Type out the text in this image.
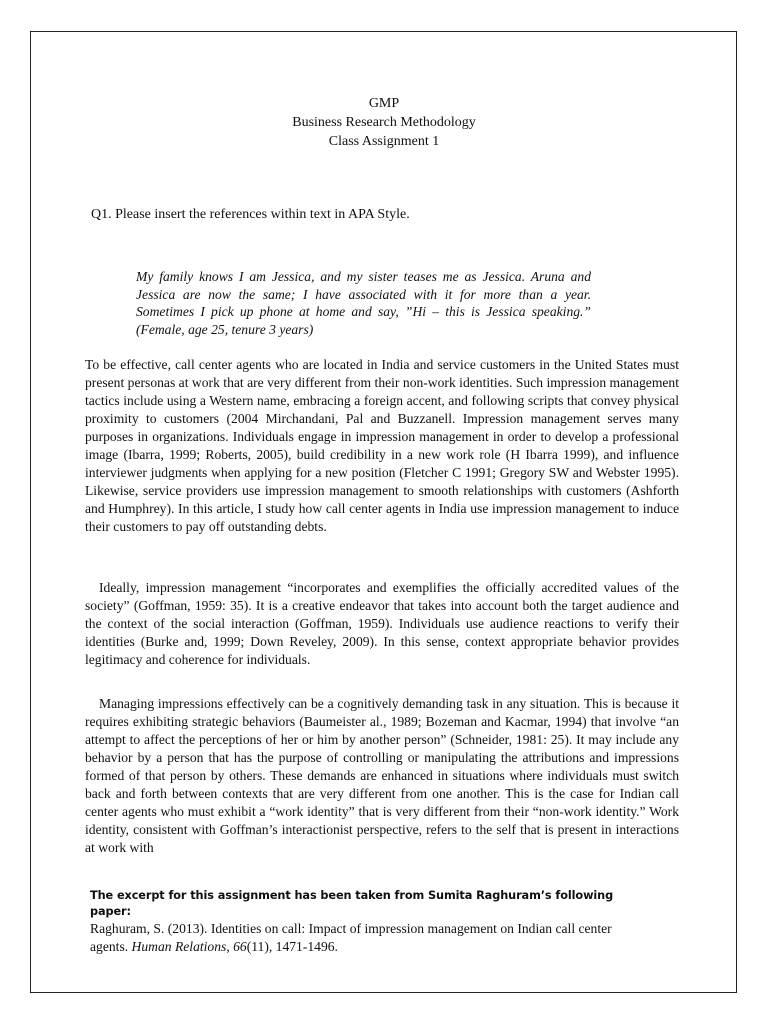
GMP
Business Research Methodology
Class Assignment 1
Q1. Please insert the references within text in APA Style.
My family knows I am Jessica, and my sister teases me as Jessica. Aruna and Jessica are now the same; I have associated with it for more than a year. Sometimes I pick up phone at home and say, ”Hi – this is Jessica speaking.” (Female, age 25, tenure 3 years)

To be effective, call center agents who are located in India and service customers in the United States must present personas at work that are very different from their non-work identities. Such impression management tactics include using a Western name, embracing a foreign accent, and following scripts that convey physical proximity to customers (2004 Mirchandani, Pal and Buzzanell. Impression management serves many purposes in organizations. Individuals engage in impression management in order to develop a professional image (Ibarra, 1999; Roberts, 2005), build credibility in a new work role (H Ibarra 1999), and influence interviewer judgments when applying for a new position (Fletcher C 1991; Gregory SW and Webster 1995). Likewise, service providers use impression management to smooth relationships with customers (Ashforth and Humphrey). In this article, I study how call center agents in India use impression management to induce their customers to pay off outstanding debts.

Ideally, impression management “incorporates and exemplifies the officially accredited values of the society” (Goffman, 1959: 35). It is a creative endeavor that takes into account both the target audience and the context of the social interaction (Goffman, 1959). Individuals use audience reactions to verify their identities (Burke and, 1999; Down Reveley, 2009). In this sense, context appropriate behavior provides legitimacy and coherence for individuals.

Managing impressions effectively can be a cognitively demanding task in any situation. This is because it requires exhibiting strategic behaviors (Baumeister al., 1989; Bozeman and Kacmar, 1994) that involve “an attempt to affect the perceptions of her or him by another person” (Schneider, 1981: 25). It may include any behavior by a person that has the purpose of controlling or manipulating the attributions and impressions formed of that person by others. These demands are enhanced in situations where individuals must switch back and forth between contexts that are very different from one another. This is the case for Indian call center agents who must exhibit a “work identity” that is very different from their “non-work identity.” Work identity, consistent with Goffman’s interactionist perspective, refers to the self that is present in interactions at work with

The excerpt for this assignment has been taken from Sumita Raghuram’s following paper:

Raghuram, S. (2013). Identities on call: Impact of impression management on Indian call center agents. Human Relations, 66(11), 1471-1496.
